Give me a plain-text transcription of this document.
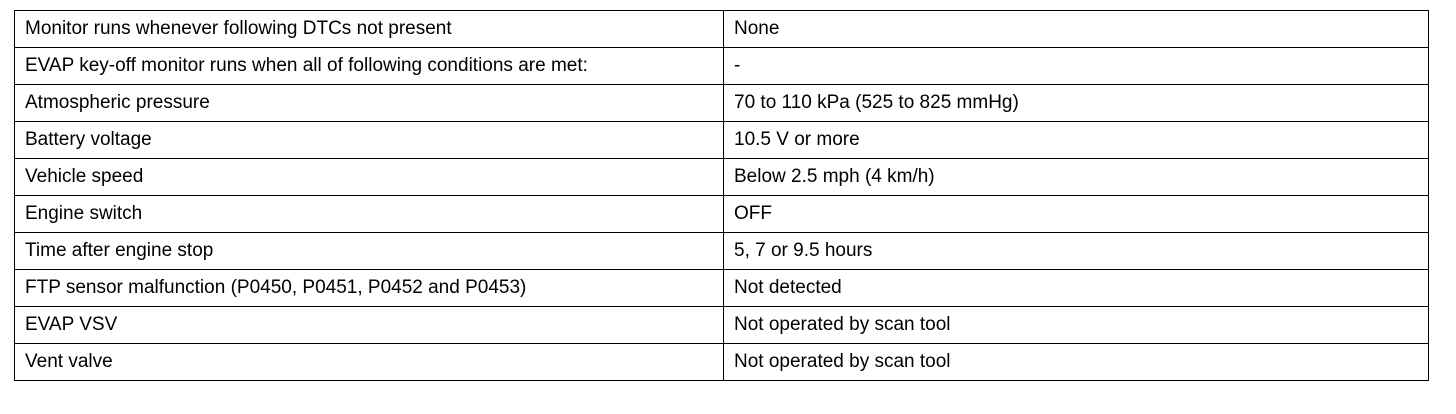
Monitor runs whenever following DTCs not present	None
EVAP key-off monitor runs when all of following conditions are met:	-
Atmospheric pressure	70 to 110 kPa (525 to 825 mmHg)
Battery voltage	10.5 V or more
Vehicle speed	Below 2.5 mph (4 km/h)
Engine switch	OFF
Time after engine stop	5, 7 or 9.5 hours
FTP sensor malfunction (P0450, P0451, P0452 and P0453)	Not detected
EVAP VSV	Not operated by scan tool
Vent valve	Not operated by scan tool
